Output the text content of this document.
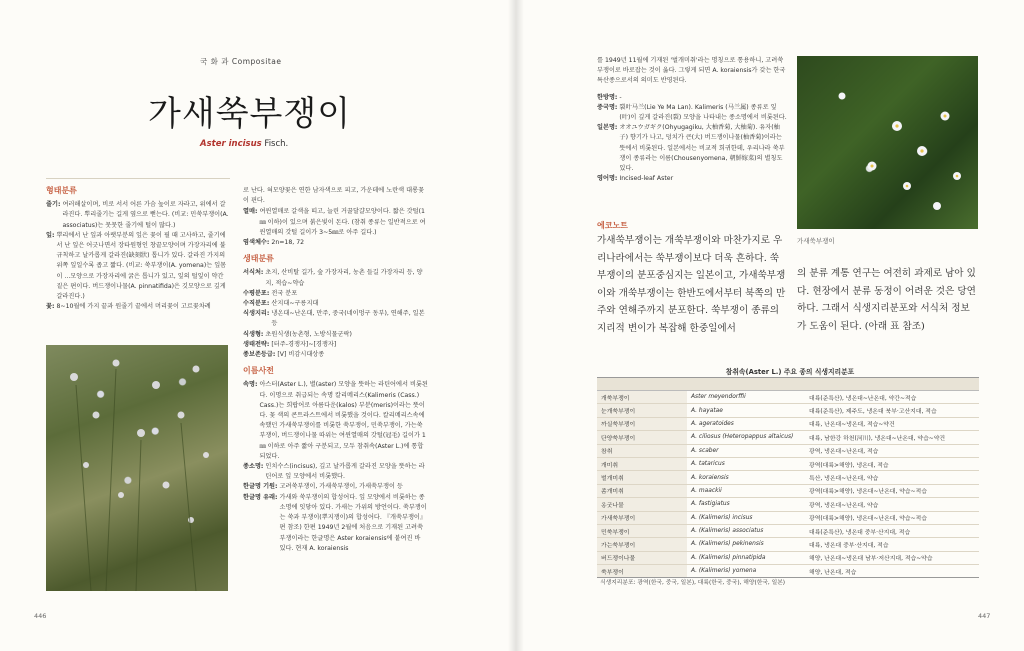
국 화 과 Compositae
가새쑥부쟁이
Aster incisus Fisch.
형태분류
줄기: 여러해살이며, 비로 서서 어른 가슴 높이로 자라고, 위에서 갈라진다. 뿌리줄기는 길게 옆으로 뻗는다. (비교: 민쑥부쟁이(A. associatus)는 뭇뭇한 줄기에 털이 많다.)
잎: 뿌리에서 난 잎과 아랫부분의 잎은 꽃이 필 때 고사하고, 줄기에서 난 잎은 어긋나면서 장타원형인 창끝모양이며 가장자리에 불규칙하고 날카롭게 갈라진(缺刻狀) 톱니가 있다. 갈라진 가지의 위쪽 잎일수록 좁고 짧다. (비교: 쑥부쟁이(A. yomena)는 잎몸이 ...모양으로 가장자리에 굵은 톱니가 있고, 잎의 털잎이 약간 짙은 편이다. 버드쟁이나물(A. pinnatifida)은 깃모양으로 깊게 갈라진다.)
꽃: 8~10월에 가지 끝과 원줄기 끝에서 머리꽃이 고르꽃차례
로 난다. 혀모양꽃은 연한 남자색으로 피고, 가운데에 노란색 대롱꽃이 핀다.
열매: 여윈열매로 갈색을 띠고, 늘린 거꿀달걀모양이다. 짧은 갓털(1㎜ 이하)이 있으며 붉은빛이 돈다. (참취 종류는 일반적으로 여윈열매의 갓털 길이가 3~5㎜로 아주 길다.)
염색체수: 2n=18, 72
생태분류
서식처: 초지, 산비탈 길가, 숲 가장자리, 농촌 들길 가장자리 등, 양지, 적습~약습
수평분포: 전국 분포
수직분포: 산지대~구릉지대
식생지리: 냉온대~난온대, 만주, 중국(네이멍구 동부), 연해주, 일본 등
식생형: 초원식생(농촌형, 노방식물군락)
생태전략: [터주-경쟁자]~[경쟁자]
종보존등급: [V] 비감시대상종
이름사전
속명: 아스터(Aster L.), 별(aster) 모양을 뜻하는 라틴어에서 비롯된다. 이명으로 취급되는 속명 칼리메리스(Kalimeris (Cass.) Cass.)는 희랍어로 아름다운(kalos) 부분(meris)이라는 뜻이다. 꽃 색의 콘트라스트에서 비롯했을 것이다. 칼리메리스속에 속했던 가새쑥부쟁이를 비롯한 쑥부쟁이, 민쑥부쟁이, 가는쑥부쟁이, 버드쟁이나물 따위는 여윈열매의 갓털(冠毛) 길이가 1㎜ 이하로 아주 짧아 구분되고, 모두 참취속(Aster L.)에 통합되었다.
종소명: 인치수스(incisus), 깊고 날카롭게 갈라진 모양을 뜻하는 라틴어로 잎 모양에서 비롯했다.
한글명 기원: 고려쑥부쟁이, 가새쑥부쟁이, 가새쑥부쟁이 등
한글명 유래: 가새와 쑥부쟁이의 합성어다. 잎 모양에서 비롯하는 종소명에 잇닿아 있다. 가새는 가위의 방언이다. 쑥부쟁이는 쑥과 부쟁이(뿌지쟁이)의 합성어다. 『개쑥부쟁이』 편 참조) 한편 1949년 2월에 처음으로 기재된 고려쑥부쟁이라는 한글명은 Aster koraiensis에 붙여진 바 있다. 현재 A. koraiensis
446
를 1949년 11월에 기재된 '벌개미취'라는 명칭으로 통용하니, 고려쑥부쟁이로 바로잡는 것이 옳다. 그렇게 되면 A. koraiensis가 갖는 한국 특산종으로서의 의미도 반영된다.
한방명: -
중국명: 裂叶马兰(Lie Ye Ma Lan). Kalimeris (马兰属) 종류로 잎(叶)이 깊게 갈라진(裂) 모양을 나타내는 종소명에서 비롯된다.
일본명: オオユウガギク(Ohyugagiku, 大柚香菊, 大柚菊). 유자(柚子) 향기가 나고, 덩치가 큰(大) 버드쟁이나물(柚香菊)이라는 뜻에서 비롯된다. 일본에서는 비교적 희귀한데, 우리나라 쑥부쟁이 종류라는 이름(Chousenyomena, 朝鮮嫁菜)의 별칭도 있다.
영어명: Incised-leaf Aster
가새쑥부쟁이
에코노트
가새쑥부쟁이는 개쑥부쟁이와 마찬가지로 우리나라에서는 쑥부쟁이보다 더욱 흔하다. 쑥부쟁이의 분포중심지는 일본이고, 가새쑥부쟁이와 개쑥부쟁이는 한반도에서부터 북쪽의 만주와 연해주까지 분포한다. 쑥부쟁이 종류의 지리적 변이가 복잡해 한중일에서
의 분류 계통 연구는 여전히 과제로 남아 있다. 현장에서 분류 동정이 어려운 것은 당연하다. 그래서 식생지리분포와 서식처 정보가 도움이 된다. (아래 표 참조)
참취속(Aster L.) 주요 종의 식생지리분포

개쑥부쟁이	Aster meyendorffii	대륙(준특산), 냉온대~난온대, 약간~적습
눈개쑥부쟁이	A. hayatae	대륙(준특산), 제주도, 냉온대 북부·고산지대, 적습
까실쑥부쟁이	A. ageratoides	대륙, 난온대~냉온대, 적습~약건
단양쑥부쟁이	A. ciliosus (Heteropappus altaicus)	대륙, 남한강 하천(河川), 냉온대~난온대, 약습~약건
참취	A. scaber	광역, 냉온대~난온대, 적습
개미취	A. tataricus	광역(대륙>해양), 냉온대, 적습
벌개미취	A. koraiensis	특산, 냉온대~난온대, 약습
좀개미취	A. maackii	광역(대륙>해양), 냉온대~난온대, 약습~적습
옹굿나물	A. fastigiatus	광역, 냉온대~난온대, 약습
가새쑥부쟁이	A. (Kalimeris) incisus	광역(대륙>해양), 냉온대~난온대, 약습~적습
민쑥부쟁이	A. (Kalimeris) associatus	대륙(준특산), 냉온대 중부·산지대, 적습
가는쑥부쟁이	A. (Kalimeris) pekinensis	대륙, 냉온대 중부·산지대, 적습
버드쟁이나물	A. (Kalimeris) pinnatipida	해양, 난온대~냉온대 남부·저산지대, 적습~약습
쑥부쟁이	A. (Kalimeris) yomena	해양, 난온대, 적습
식생지리분포: 광역(한국, 중국, 일본), 대륙(한국, 중국), 해양(한국, 일본)
447
